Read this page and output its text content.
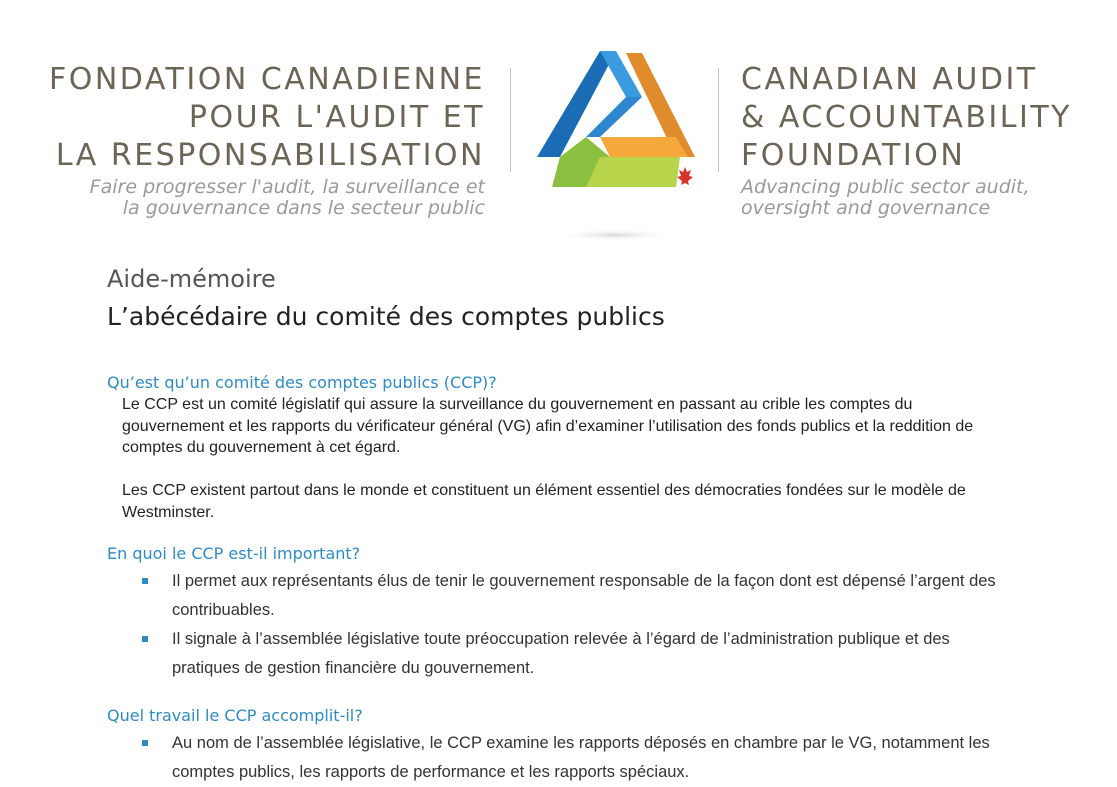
FONDATION CANADIENNE
POUR L'AUDIT ET
LA RESPONSABILISATION
Faire progresser l'audit, la surveillance et
la gouvernance dans le secteur public
CANADIAN AUDIT
& ACCOUNTABILITY
FOUNDATION
Advancing public sector audit,
oversight and governance
Aide-mémoire
L’abécédaire du comité des comptes publics
Qu’est qu’un comité des comptes publics (CCP)?
Le CCP est un comité législatif qui assure la surveillance du gouvernement en passant au crible les comptes du gouvernement et les rapports du vérificateur général (VG) afin d’examiner l’utilisation des fonds publics et la reddition de comptes du gouvernement à cet égard.
Les CCP existent partout dans le monde et constituent un élément essentiel des démocraties fondées sur le modèle de Westminster.
En quoi le CCP est-il important?
Il permet aux représentants élus de tenir le gouvernement responsable de la façon dont est dépensé l’argent des contribuables.
Il signale à l’assemblée législative toute préoccupation relevée à l’égard de l’administration publique et des pratiques de gestion financière du gouvernement.
Quel travail le CCP accomplit-il?
Au nom de l’assemblée législative, le CCP examine les rapports déposés en chambre par le VG, notamment les comptes publics, les rapports de performance et les rapports spéciaux.
